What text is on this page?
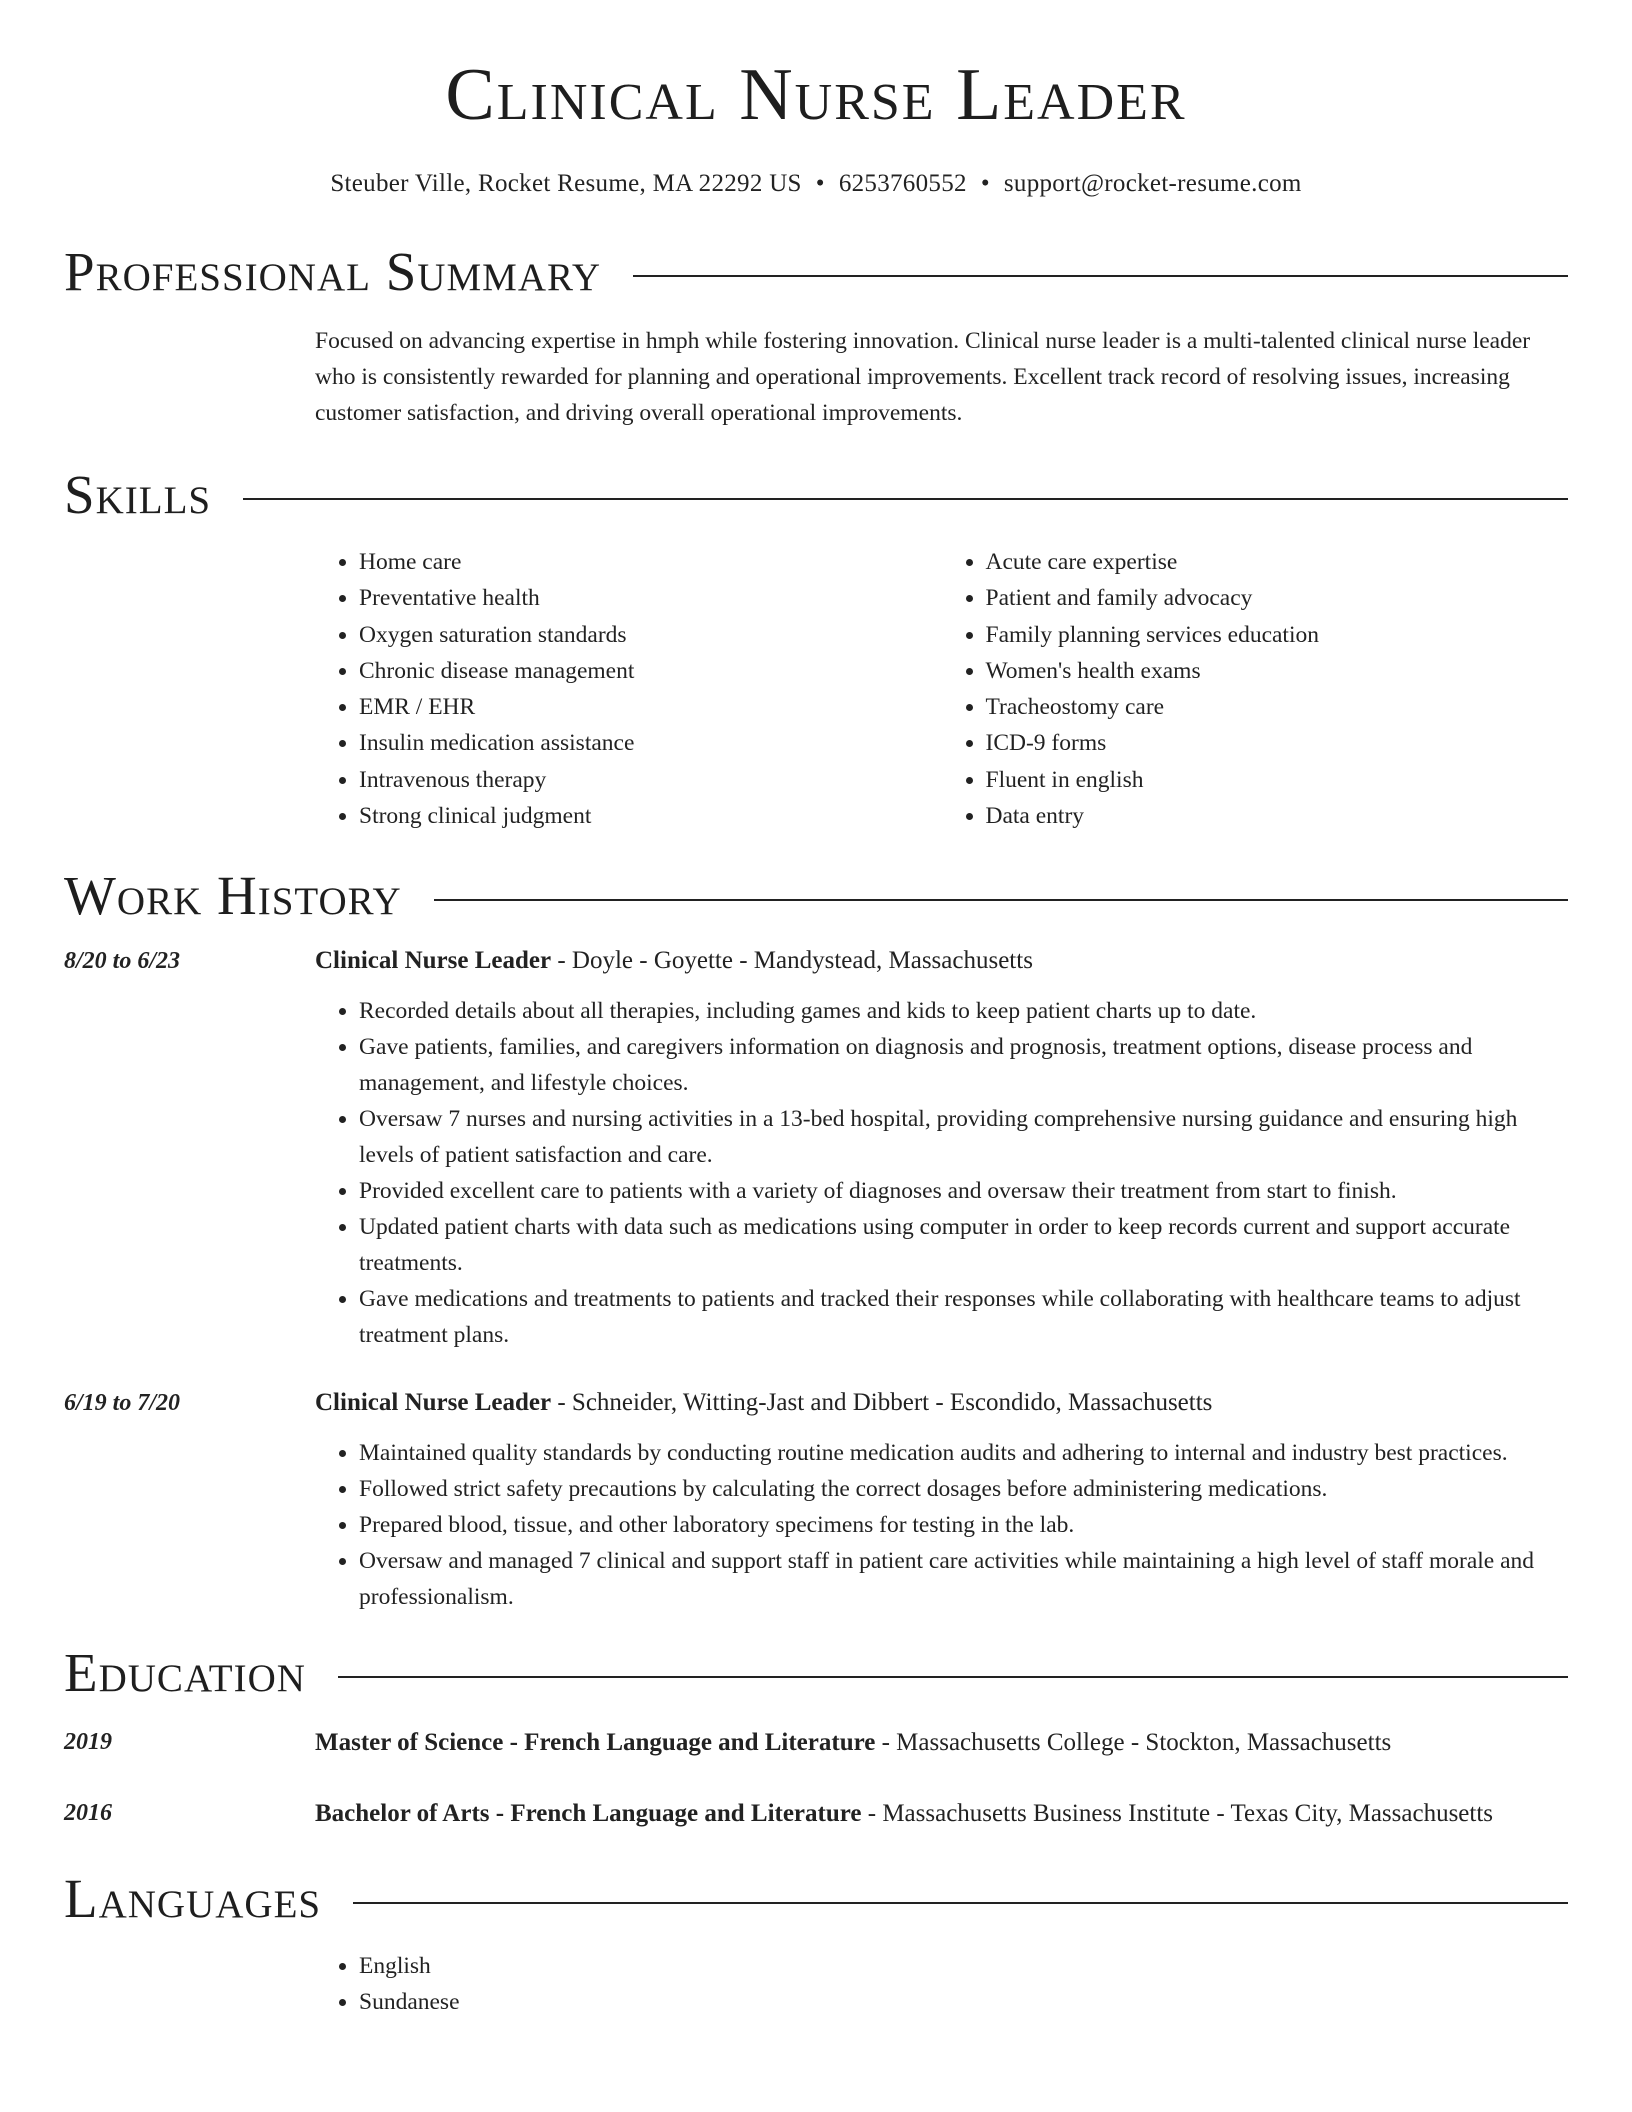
Clinical Nurse Leader
Steuber Ville, Rocket Resume, MA 22292 US • 6253760552 • support@rocket-resume.com
Professional Summary
Focused on advancing expertise in hmph while fostering innovation. Clinical nurse leader is a multi-talented clinical nurse leader who is consistently rewarded for planning and operational improvements. Excellent track record of resolving issues, increasing customer satisfaction, and driving overall operational improvements.
Skills
• Home care
• Preventative health
• Oxygen saturation standards
• Chronic disease management
• EMR / EHR
• Insulin medication assistance
• Intravenous therapy
• Strong clinical judgment
• Acute care expertise
• Patient and family advocacy
• Family planning services education
• Women's health exams
• Tracheostomy care
• ICD-9 forms
• Fluent in english
• Data entry
Work History
8/20 to 6/23	Clinical Nurse Leader - Doyle - Goyette - Mandystead, Massachusetts
• Recorded details about all therapies, including games and kids to keep patient charts up to date.
• Gave patients, families, and caregivers information on diagnosis and prognosis, treatment options, disease process and management, and lifestyle choices.
• Oversaw 7 nurses and nursing activities in a 13-bed hospital, providing comprehensive nursing guidance and ensuring high levels of patient satisfaction and care.
• Provided excellent care to patients with a variety of diagnoses and oversaw their treatment from start to finish.
• Updated patient charts with data such as medications using computer in order to keep records current and support accurate treatments.
• Gave medications and treatments to patients and tracked their responses while collaborating with healthcare teams to adjust treatment plans.
6/19 to 7/20	Clinical Nurse Leader - Schneider, Witting-Jast and Dibbert - Escondido, Massachusetts
• Maintained quality standards by conducting routine medication audits and adhering to internal and industry best practices.
• Followed strict safety precautions by calculating the correct dosages before administering medications.
• Prepared blood, tissue, and other laboratory specimens for testing in the lab.
• Oversaw and managed 7 clinical and support staff in patient care activities while maintaining a high level of staff morale and professionalism.
Education
2019	Master of Science - French Language and Literature - Massachusetts College - Stockton, Massachusetts
2016	Bachelor of Arts - French Language and Literature - Massachusetts Business Institute - Texas City, Massachusetts
Languages
• English
• Sundanese
